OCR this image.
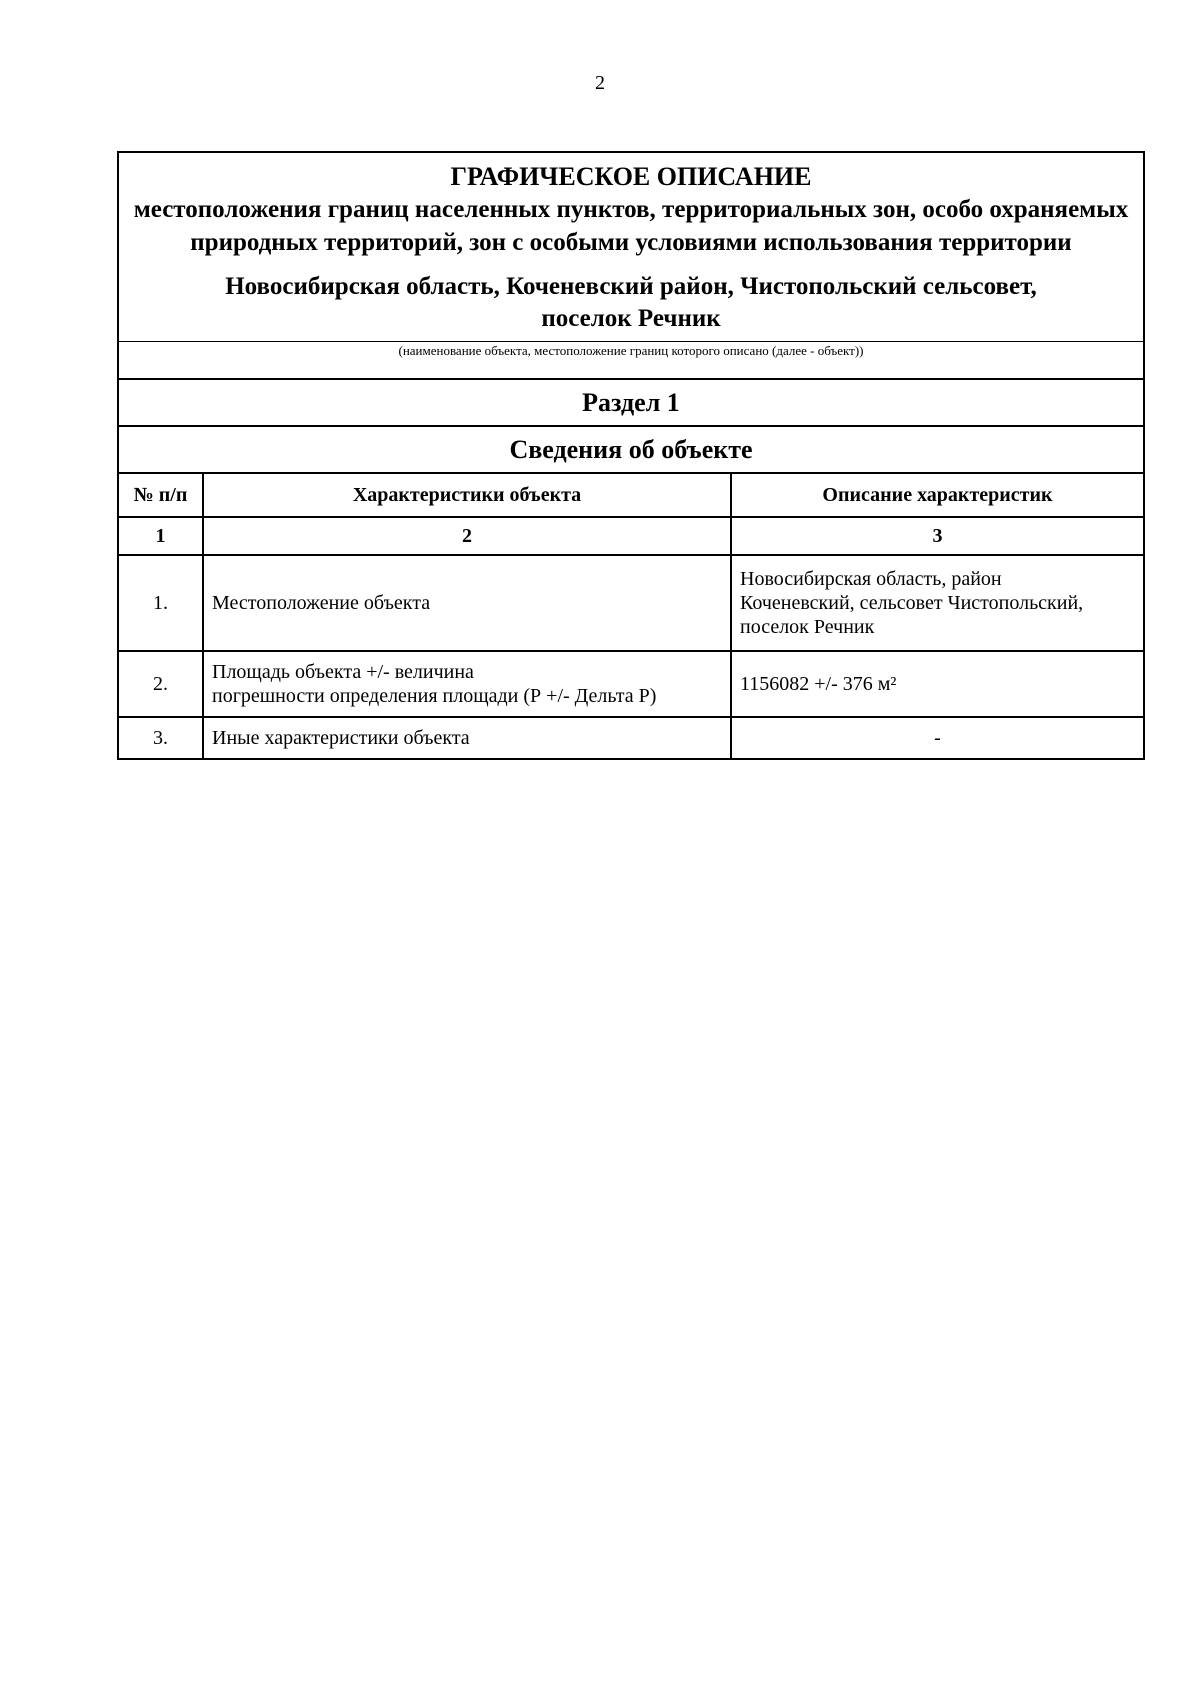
2
ГРАФИЧЕСКОЕ ОПИСАНИЕ
местоположения границ населенных пунктов, территориальных зон, особо охраняемых природных территорий, зон с особыми условиями использования территории
Новосибирская область, Коченевский район, Чистопольский сельсовет,
поселок Речник
(наименование объекта, местоположение границ которого описано (далее - объект))
Раздел 1
Сведения об объекте
№ п/п	Характеристики объекта	Описание характеристик
1	2	3
1.	Местоположение объекта	Новосибирская область, район
Коченевский, сельсовет Чистопольский,
поселок Речник

2.	Площадь объекта +/- величина
погрешности определения площади (Р +/- Дельта Р)	1156082 +/- 376 м²
3.	Иные характеристики объекта	-
